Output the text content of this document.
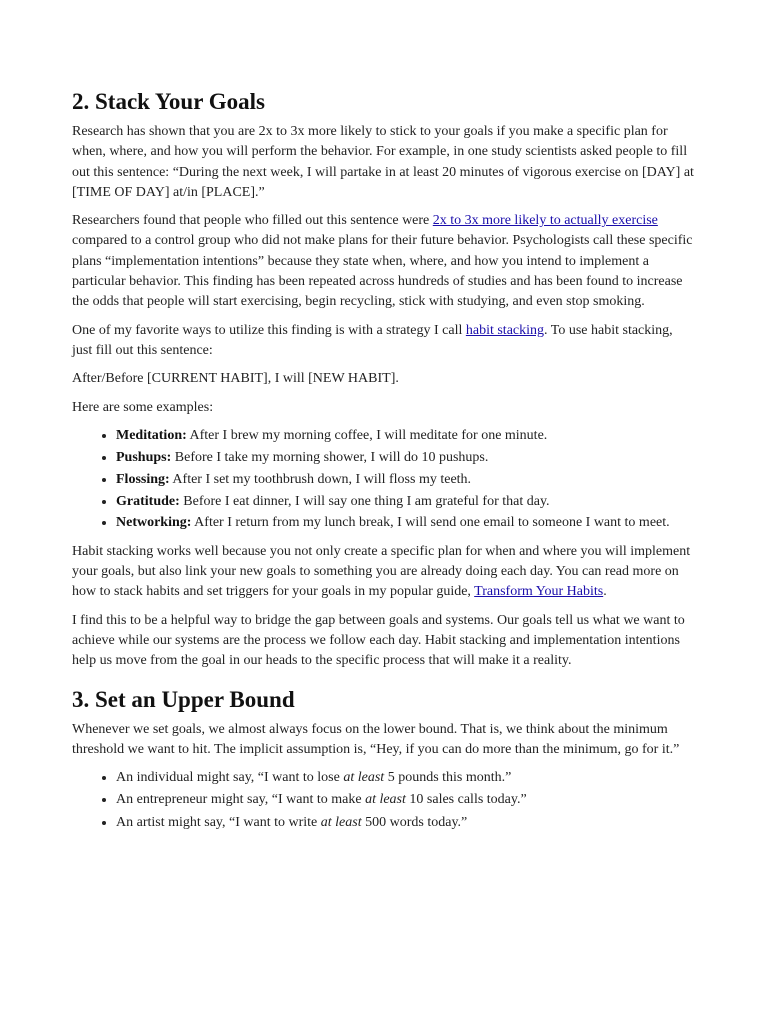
2. Stack Your Goals

Research has shown that you are 2x to 3x more likely to stick to your goals if you make a specific plan for when, where, and how you will perform the behavior. For example, in one study scientists asked people to fill out this sentence: “During the next week, I will partake in at least 20 minutes of vigorous exercise on [DAY] at [TIME OF DAY] at/in [PLACE].”

Researchers found that people who filled out this sentence were 2x to 3x more likely to actually exercise compared to a control group who did not make plans for their future behavior. Psychologists call these specific plans “implementation intentions” because they state when, where, and how you intend to implement a particular behavior. This finding has been repeated across hundreds of studies and has been found to increase the odds that people will start exercising, begin recycling, stick with studying, and even stop smoking.

One of my favorite ways to utilize this finding is with a strategy I call habit stacking. To use habit stacking, just fill out this sentence:

After/Before [CURRENT HABIT], I will [NEW HABIT].

Here are some examples:

• Meditation: After I brew my morning coffee, I will meditate for one minute.
• Pushups: Before I take my morning shower, I will do 10 pushups.
• Flossing: After I set my toothbrush down, I will floss my teeth.
• Gratitude: Before I eat dinner, I will say one thing I am grateful for that day.
• Networking: After I return from my lunch break, I will send one email to someone I want to meet.

Habit stacking works well because you not only create a specific plan for when and where you will implement your goals, but also link your new goals to something you are already doing each day. You can read more on how to stack habits and set triggers for your goals in my popular guide, Transform Your Habits.

I find this to be a helpful way to bridge the gap between goals and systems. Our goals tell us what we want to achieve while our systems are the process we follow each day. Habit stacking and implementation intentions help us move from the goal in our heads to the specific process that will make it a reality.

3. Set an Upper Bound

Whenever we set goals, we almost always focus on the lower bound. That is, we think about the minimum threshold we want to hit. The implicit assumption is, “Hey, if you can do more than the minimum, go for it.”

• An individual might say, “I want to lose at least 5 pounds this month.”
• An entrepreneur might say, “I want to make at least 10 sales calls today.”
• An artist might say, “I want to write at least 500 words today.”
